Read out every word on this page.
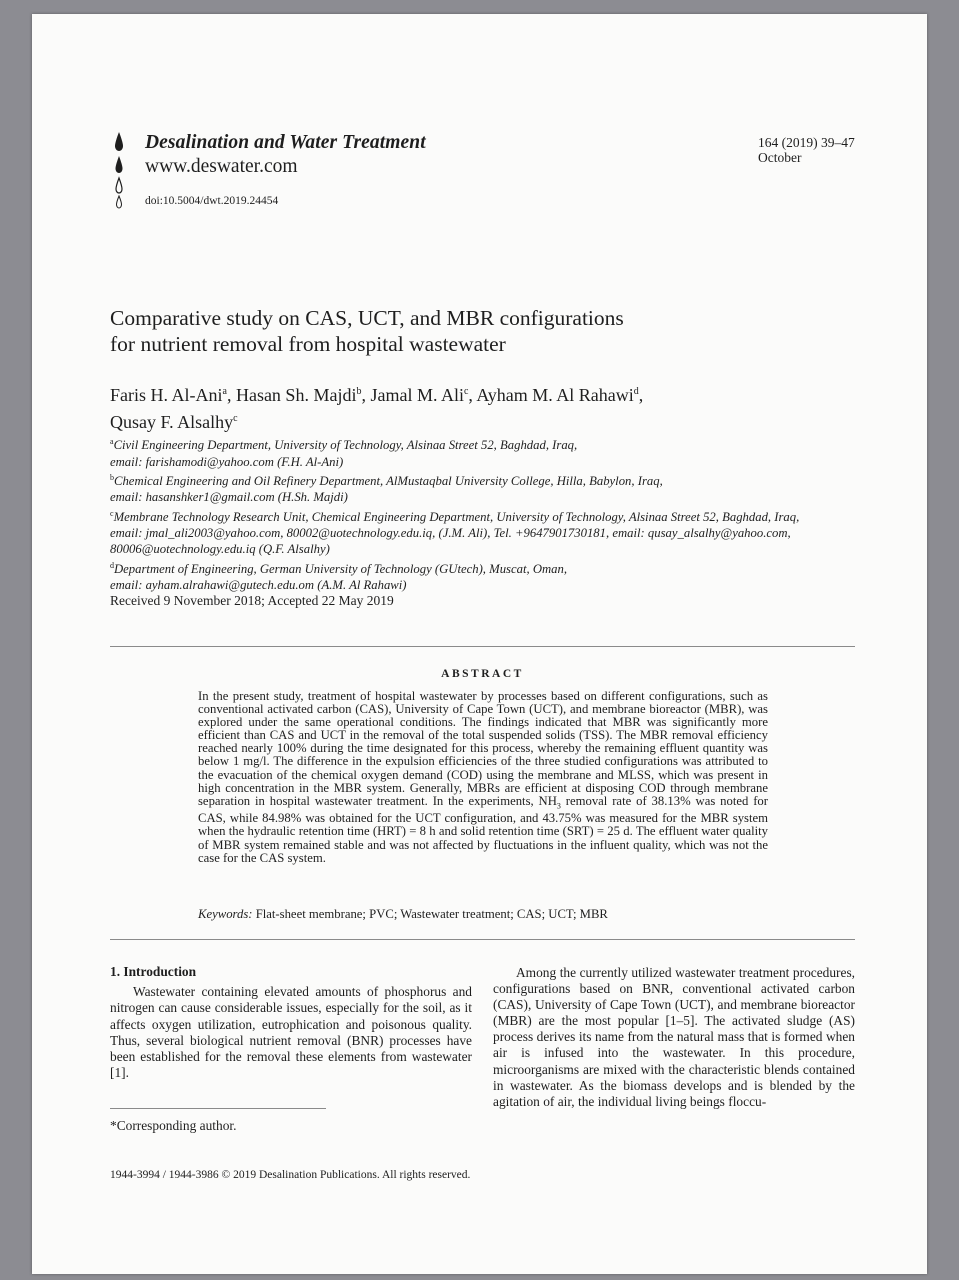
Desalination and Water Treatment
www.deswater.com
doi:10.5004/dwt.2019.24454
164 (2019) 39–47
October
Comparative study on CAS, UCT, and MBR configurations
for nutrient removal from hospital wastewater
Faris H. Al-Ani$^a$, Hasan Sh. Majdi$^b$, Jamal M. Ali$^c$, Ayham M. Al Rahawi$^d$,
Qusay F. Alsalhy$^c$

$^a$Civil Engineering Department, University of Technology, Alsinaa Street 52, Baghdad, Iraq,

email: farishamodi@yahoo.com (F.H. Al-Ani)

$^b$Chemical Engineering and Oil Refinery Department, AlMustaqbal University College, Hilla, Babylon, Iraq,

email: hasanshker1@gmail.com (H.Sh. Majdi)

$^c$Membrane Technology Research Unit, Chemical Engineering Department, University of Technology, Alsinaa Street 52, Baghdad, Iraq,

email: jmal_ali2003@yahoo.com, 80002@uotechnology.edu.iq, (J.M. Ali), Tel. +9647901730181, email: qusay_alsalhy@yahoo.com,

80006@uotechnology.edu.iq (Q.F. Alsalhy)

$^d$Department of Engineering, German University of Technology (GUtech), Muscat, Oman,

email: ayham.alrahawi@gutech.edu.om (A.M. Al Rahawi)

Received 9 November 2018; Accepted 22 May 2019
ABSTRACT

In the present study, treatment of hospital wastewater by processes based on different configurations, such as conventional activated carbon (CAS), University of Cape Town (UCT), and membrane bioreactor (MBR), was explored under the same operational conditions. The findings indicated that MBR was significantly more efficient than CAS and UCT in the removal of the total suspended solids (TSS). The MBR removal efficiency reached nearly 100% during the time designated for this process, whereby the remaining effluent quantity was below 1 mg/l. The difference in the expulsion efficiencies of the three studied configurations was attributed to the evacuation of the chemical oxygen demand (COD) using the membrane and MLSS, which was present in high concentration in the MBR system. Generally, MBRs are efficient at disposing COD through membrane separation in hospital wastewater treatment. In the experiments, $NH_3$ removal rate of 38.13% was noted for CAS, while 84.98% was obtained for the UCT configuration, and 43.75% was measured for the MBR system when the hydraulic retention time (HRT) = 8 h and solid retention time (SRT) = 25 d. The effluent water quality of MBR system remained stable and was not affected by fluctuations in the influent quality, which was not the case for the CAS system.

Keywords: Flat-sheet membrane; PVC; Wastewater treatment; CAS; UCT; MBR
1. Introduction

Wastewater containing elevated amounts of phosphorus and nitrogen can cause considerable issues, especially for the soil, as it affects oxygen utilization, eutrophication and poisonous quality. Thus, several biological nutrient removal (BNR) processes have been established for the removal these elements from wastewater [1].

Among the currently utilized wastewater treatment procedures, configurations based on BNR, conventional activated carbon (CAS), University of Cape Town (UCT), and membrane bioreactor (MBR) are the most popular [1–5]. The activated sludge (AS) process derives its name from the natural mass that is formed when air is infused into the wastewater. In this procedure, microorganisms are mixed with the characteristic blends contained in wastewater. As the biomass develops and is blended by the agitation of air, the individual living beings floccu-

*Corresponding author.
1944-3994 / 1944-3986 © 2019 Desalination Publications. All rights reserved.
